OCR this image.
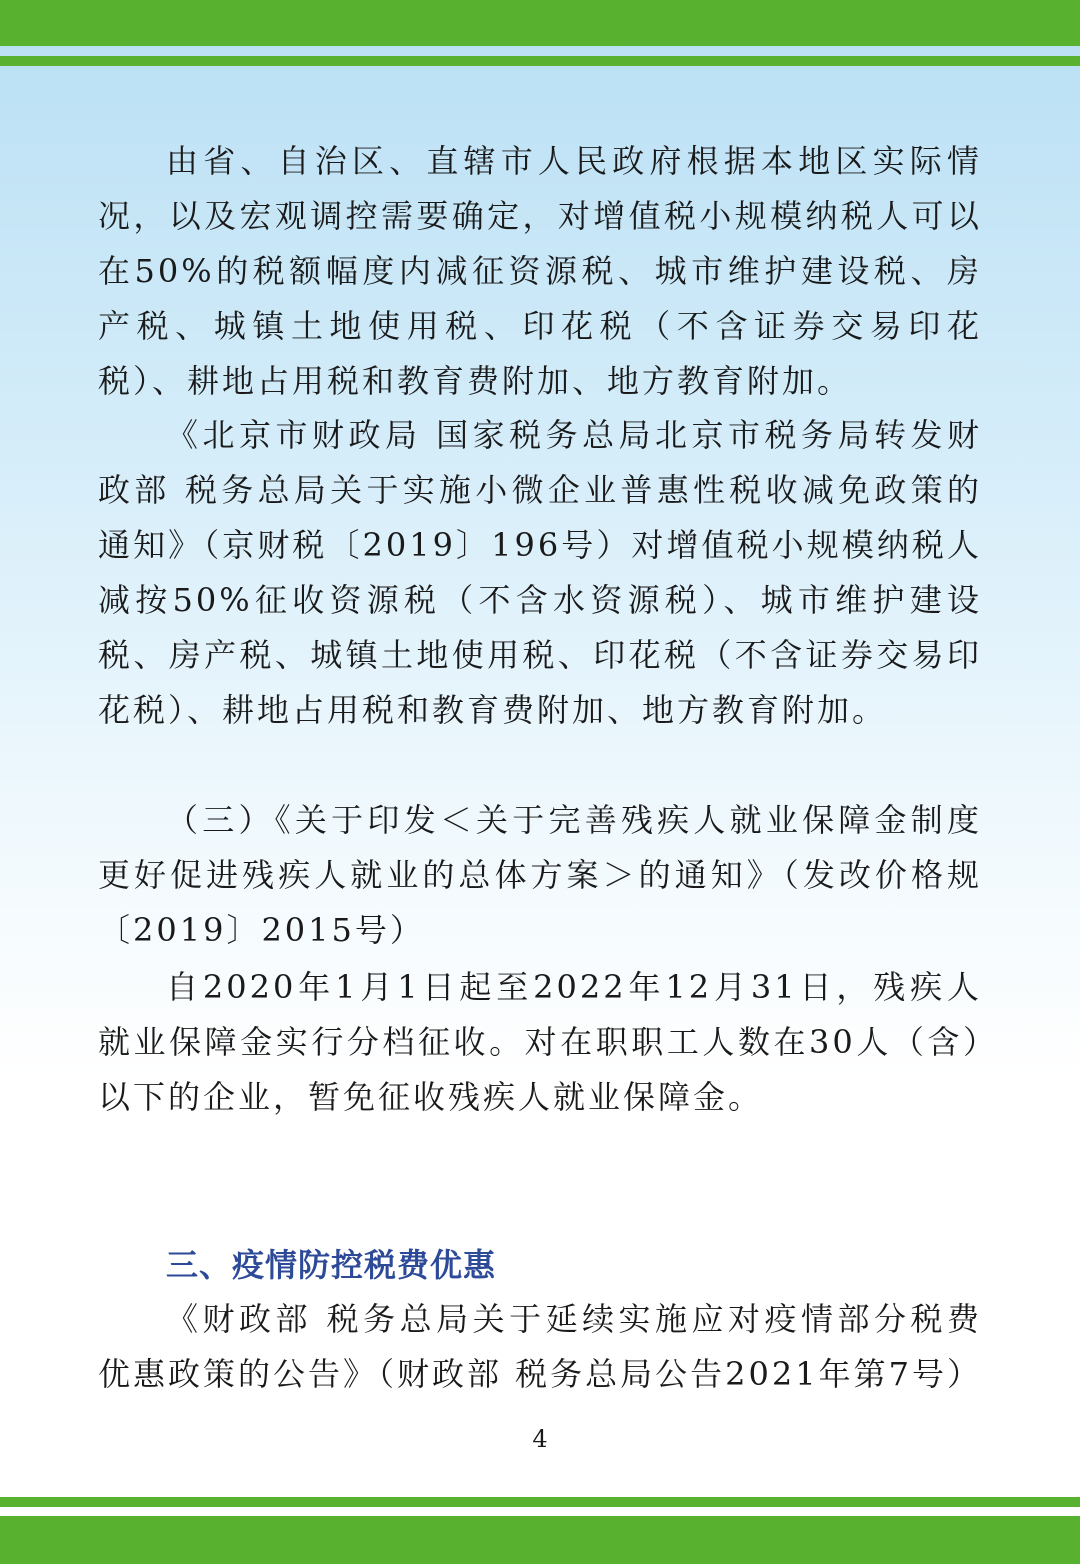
由省、自治区、直辖市人民政府根据本地区实际情况，以及宏观调控需要确定，对增值税小规模纳税人可以在50%的税额幅度内减征资源税、城市维护建设税、房产税、城镇土地使用税、印花税（不含证券交易印花税）、耕地占用税和教育费附加、地方教育附加。

《北京市财政局 国家税务总局北京市税务局转发财政部 税务总局关于实施小微企业普惠性税收减免政策的通知》（京财税〔2019〕196号）对增值税小规模纳税人减按50%征收资源税（不含水资源税）、城市维护建设税、房产税、城镇土地使用税、印花税（不含证券交易印花税）、耕地占用税和教育费附加、地方教育附加。

（三）《关于印发＜关于完善残疾人就业保障金制度更好促进残疾人就业的总体方案＞的通知》（发改价格规〔2019〕2015号）

自2020年1月1日起至2022年12月31日，残疾人就业保障金实行分档征收。对在职职工人数在30人（含）以下的企业，暂免征收残疾人就业保障金。

三、疫情防控税费优惠

《财政部 税务总局关于延续实施应对疫情部分税费优惠政策的公告》（财政部 税务总局公告2021年第7号）

4
